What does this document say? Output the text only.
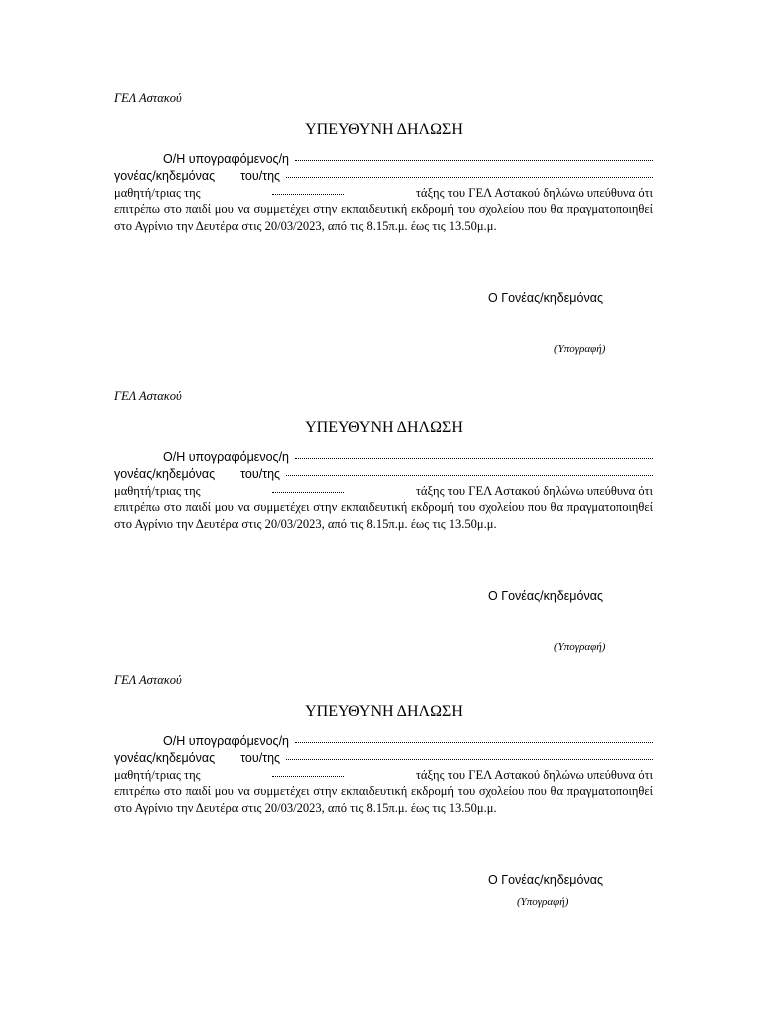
ΓΕΛ Αστακού
ΥΠΕΥΘΥΝΗ ΔΗΛΩΣΗ
Ο/Η υπογραφόμενος/η
γονέας/κηδεμόνας του/της
μαθητή/τριας της	τάξης του ΓΕΛ Αστακού δηλώνω υπεύθυνα ότι
επιτρέπω στο παιδί μου να συμμετέχει στην εκπαιδευτική εκδρομή του σχολείου που θα πραγματοποιηθεί στο Αγρίνιο την Δευτέρα στις 20/03/2023, από τις 8.15π.μ. έως τις 13.50μ.μ.
Ο Γονέας/κηδεμόνας
(Υπογραφή)
ΓΕΛ Αστακού
ΥΠΕΥΘΥΝΗ ΔΗΛΩΣΗ
Ο/Η υπογραφόμενος/η
γονέας/κηδεμόνας του/της
μαθητή/τριας της	τάξης του ΓΕΛ Αστακού δηλώνω υπεύθυνα ότι
επιτρέπω στο παιδί μου να συμμετέχει στην εκπαιδευτική εκδρομή του σχολείου που θα πραγματοποιηθεί στο Αγρίνιο την Δευτέρα στις 20/03/2023, από τις 8.15π.μ. έως τις 13.50μ.μ.
Ο Γονέας/κηδεμόνας
(Υπογραφή)
ΓΕΛ Αστακού
ΥΠΕΥΘΥΝΗ ΔΗΛΩΣΗ
Ο/Η υπογραφόμενος/η
γονέας/κηδεμόνας του/της
μαθητή/τριας της	τάξης του ΓΕΛ Αστακού δηλώνω υπεύθυνα ότι
επιτρέπω στο παιδί μου να συμμετέχει στην εκπαιδευτική εκδρομή του σχολείου που θα πραγματοποιηθεί στο Αγρίνιο την Δευτέρα στις 20/03/2023, από τις 8.15π.μ. έως τις 13.50μ.μ.
Ο Γονέας/κηδεμόνας
(Υπογραφή)
